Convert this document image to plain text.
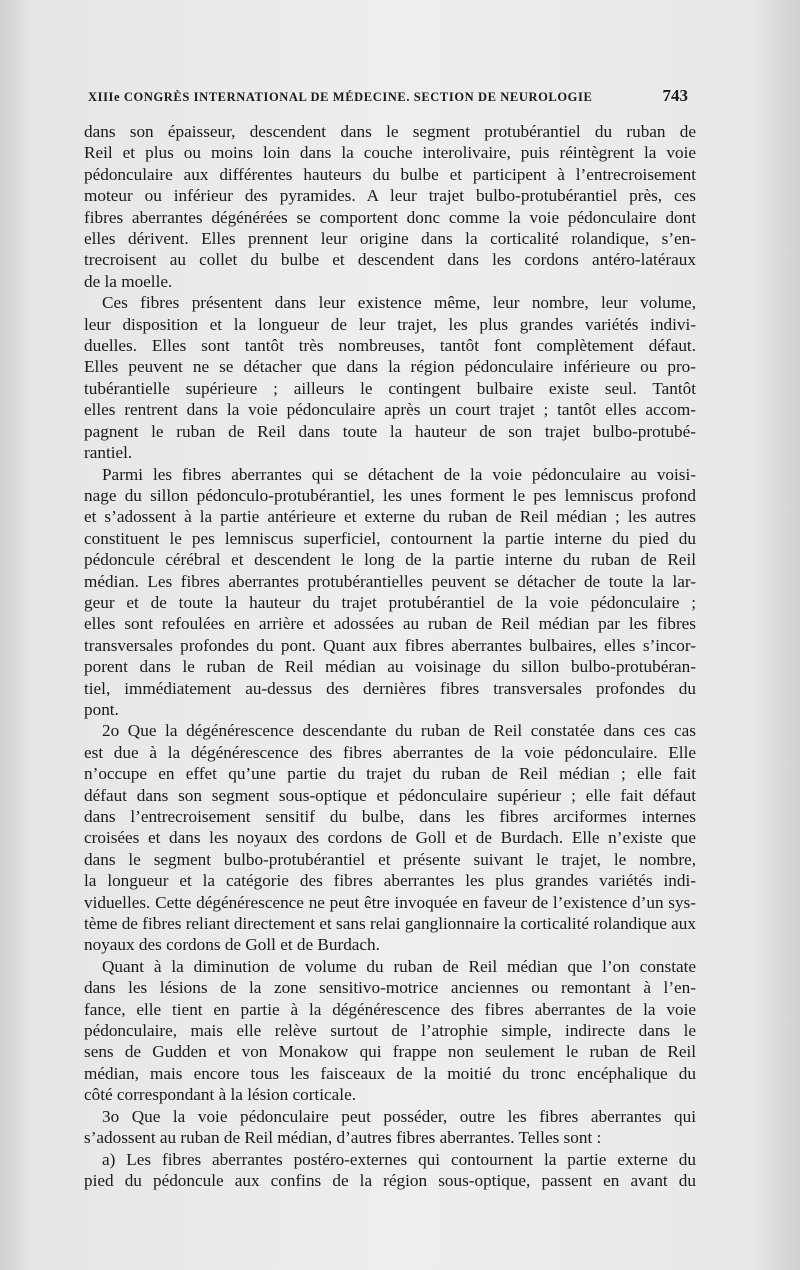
XIIIe CONGRÈS INTERNATIONAL DE MÉDECINE. SECTION DE NEUROLOGIE	743
dans son épaisseur, descendent dans le segment protubérantiel du ruban de
Reil et plus ou moins loin dans la couche interolivaire, puis réintègrent la voie
pédonculaire aux différentes hauteurs du bulbe et participent à l’entrecroisement
moteur ou inférieur des pyramides. A leur trajet bulbo-protubérantiel près, ces
fibres aberrantes dégénérées se comportent donc comme la voie pédonculaire dont
elles dérivent. Elles prennent leur origine dans la corticalité rolandique, s’en-
trecroisent au collet du bulbe et descendent dans les cordons antéro-latéraux
de la moelle.
Ces fibres présentent dans leur existence même, leur nombre, leur volume,
leur disposition et la longueur de leur trajet, les plus grandes variétés indivi-
duelles. Elles sont tantôt très nombreuses, tantôt font complètement défaut.
Elles peuvent ne se détacher que dans la région pédonculaire inférieure ou pro-
tubérantielle supérieure ; ailleurs le contingent bulbaire existe seul. Tantôt
elles rentrent dans la voie pédonculaire après un court trajet ; tantôt elles accom-
pagnent le ruban de Reil dans toute la hauteur de son trajet bulbo-protubé-
rantiel.
Parmi les fibres aberrantes qui se détachent de la voie pédonculaire au voisi-
nage du sillon pédonculo-protubérantiel, les unes forment le pes lemniscus profond
et s’adossent à la partie antérieure et externe du ruban de Reil médian ; les autres
constituent le pes lemniscus superficiel, contournent la partie interne du pied du
pédoncule cérébral et descendent le long de la partie interne du ruban de Reil
médian. Les fibres aberrantes protubérantielles peuvent se détacher de toute la lar-
geur et de toute la hauteur du trajet protubérantiel de la voie pédonculaire ;
elles sont refoulées en arrière et adossées au ruban de Reil médian par les fibres
transversales profondes du pont. Quant aux fibres aberrantes bulbaires, elles s’incor-
porent dans le ruban de Reil médian au voisinage du sillon bulbo-protubéran-
tiel, immédiatement au-dessus des dernières fibres transversales profondes du
pont.
2o Que la dégénérescence descendante du ruban de Reil constatée dans ces cas
est due à la dégénérescence des fibres aberrantes de la voie pédonculaire. Elle
n’occupe en effet qu’une partie du trajet du ruban de Reil médian ; elle fait
défaut dans son segment sous-optique et pédonculaire supérieur ; elle fait défaut
dans l’entrecroisement sensitif du bulbe, dans les fibres arciformes internes
croisées et dans les noyaux des cordons de Goll et de Burdach. Elle n’existe que
dans le segment bulbo-protubérantiel et présente suivant le trajet, le nombre,
la longueur et la catégorie des fibres aberrantes les plus grandes variétés indi-
viduelles. Cette dégénérescence ne peut être invoquée en faveur de l’existence d’un sys-
tème de fibres reliant directement et sans relai ganglionnaire la corticalité rolandique aux
noyaux des cordons de Goll et de Burdach.
Quant à la diminution de volume du ruban de Reil médian que l’on constate
dans les lésions de la zone sensitivo-motrice anciennes ou remontant à l’en-
fance, elle tient en partie à la dégénérescence des fibres aberrantes de la voie
pédonculaire, mais elle relève surtout de l’atrophie simple, indirecte dans le
sens de Gudden et von Monakow qui frappe non seulement le ruban de Reil
médian, mais encore tous les faisceaux de la moitié du tronc encéphalique du
côté correspondant à la lésion corticale.
3o Que la voie pédonculaire peut posséder, outre les fibres aberrantes qui
s’adossent au ruban de Reil médian, d’autres fibres aberrantes. Telles sont :
a) Les fibres aberrantes postéro-externes qui contournent la partie externe du
pied du pédoncule aux confins de la région sous-optique, passent en avant du
